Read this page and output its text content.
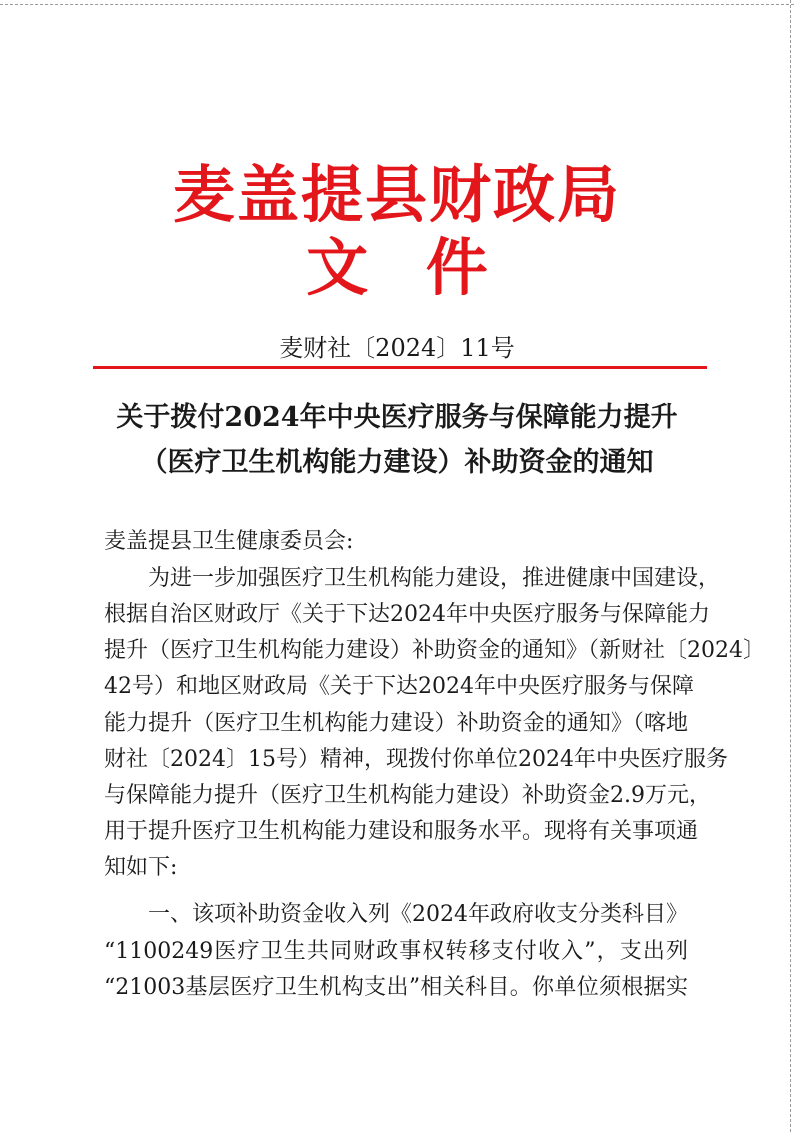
麦盖提县财政局
文 件
麦财社〔2024〕11号
关于拨付2024年中央医疗服务与保障能力提升
（医疗卫生机构能力建设）补助资金的通知
麦盖提县卫生健康委员会:
为进一步加强医疗卫生机构能力建设，推进健康中国建设，
根据自治区财政厅《关于下达2024年中央医疗服务与保障能力
提升（医疗卫生机构能力建设）补助资金的通知》（新财社〔2024〕
42号）和地区财政局《关于下达2024年中央医疗服务与保障
能力提升（医疗卫生机构能力建设）补助资金的通知》（喀地
财社〔2024〕15号）精神，现拨付你单位2024年中央医疗服务
与保障能力提升（医疗卫生机构能力建设）补助资金2.9万元，
用于提升医疗卫生机构能力建设和服务水平。现将有关事项通
知如下:
一、该项补助资金收入列《2024年政府收支分类科目》
“1100249医疗卫生共同财政事权转移支付收入”，支出列
“21003基层医疗卫生机构支出”相关科目。你单位须根据实
